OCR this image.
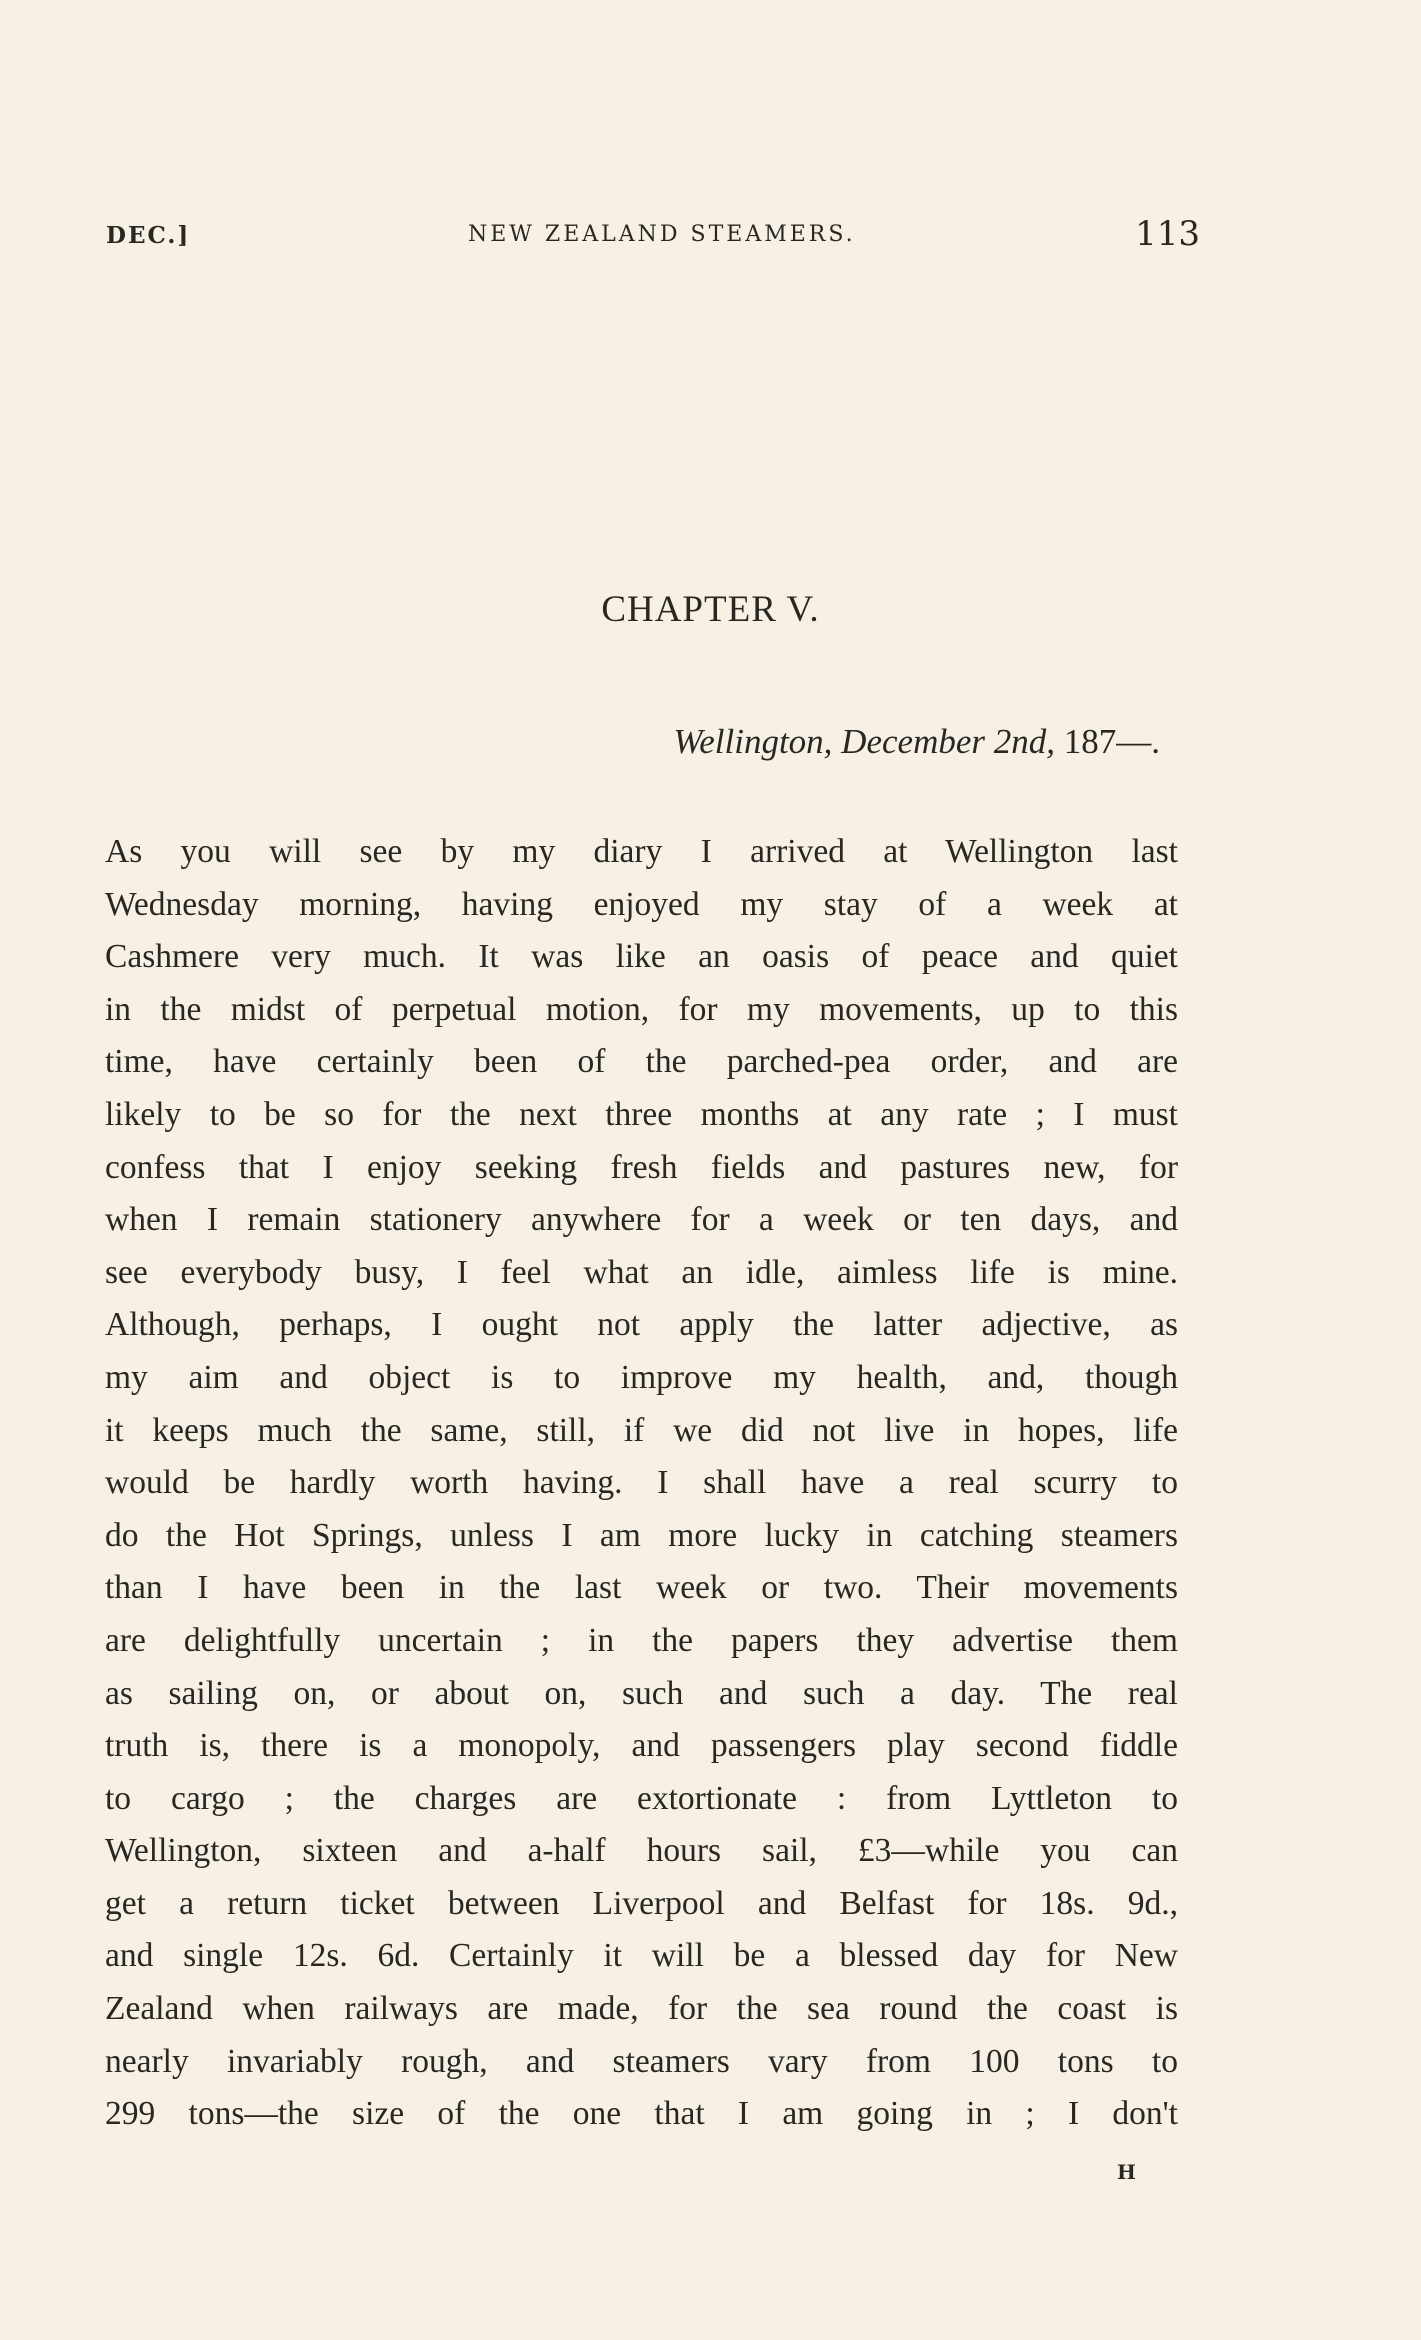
DEC.]	NEW ZEALAND STEAMERS.	113
CHAPTER V.
Wellington, December 2nd, 187—.
As you will see by my diary I arrived at Wellington last
Wednesday morning, having enjoyed my stay of a week at
Cashmere very much. It was like an oasis of peace and quiet
in the midst of perpetual motion, for my movements, up to this
time, have certainly been of the parched-pea order, and are
likely to be so for the next three months at any rate ; I must
confess that I enjoy seeking fresh fields and pastures new, for
when I remain stationery anywhere for a week or ten days, and
see everybody busy, I feel what an idle, aimless life is mine.
Although, perhaps, I ought not apply the latter adjective, as
my aim and object is to improve my health, and, though
it keeps much the same, still, if we did not live in hopes, life
would be hardly worth having. I shall have a real scurry to
do the Hot Springs, unless I am more lucky in catching steamers
than I have been in the last week or two. Their movements
are delightfully uncertain ; in the papers they advertise them
as sailing on, or about on, such and such a day. The real
truth is, there is a monopoly, and passengers play second fiddle
to cargo ; the charges are extortionate : from Lyttleton to
Wellington, sixteen and a-half hours sail, £3—while you can
get a return ticket between Liverpool and Belfast for 18s. 9d.,
and single 12s. 6d. Certainly it will be a blessed day for New
Zealand when railways are made, for the sea round the coast is
nearly invariably rough, and steamers vary from 100 tons to
299 tons—the size of the one that I am going in ; I don't
H
